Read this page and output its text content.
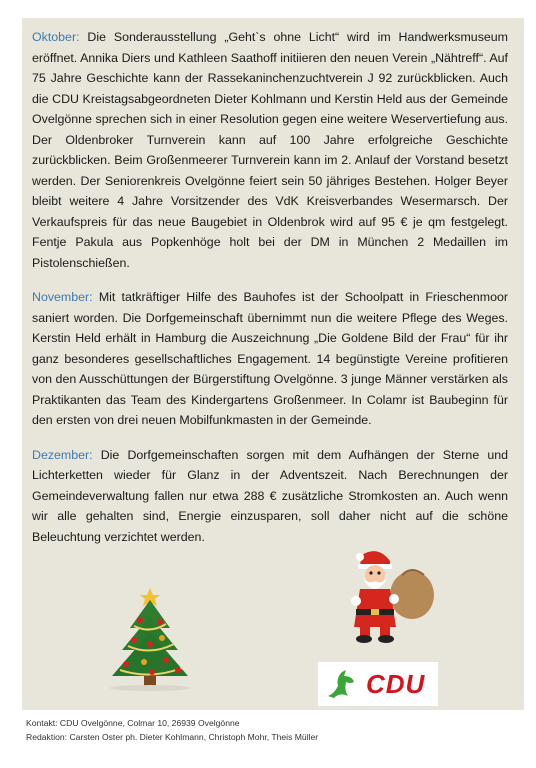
Oktober: Die Sonderausstellung „Geht`s ohne Licht“ wird im Handwerksmuseum eröffnet. Annika Diers und Kathleen Saathoff initiieren den neuen Verein „Nähtreff“. Auf 75 Jahre Geschichte kann der Rassekaninchenzuchtverein J 92 zurückblicken. Auch die CDU Kreistagsabgeordneten Dieter Kohlmann und Kerstin Held aus der Gemeinde Ovelgönne sprechen sich in einer Resolution gegen eine weitere Weservertiefung aus. Der Oldenbroker Turnverein kann auf 100 Jahre erfolgreiche Geschichte zurückblicken. Beim Großenmeerer Turnverein kann im 2. Anlauf der Vorstand besetzt werden. Der Seniorenkreis Ovelgönne feiert sein 50 jähriges Bestehen. Holger Beyer bleibt weitere 4 Jahre Vorsitzender des VdK Kreisverbandes Wesermarsch. Der Verkaufspreis für das neue Baugebiet in Oldenbrok wird auf 95 € je qm festgelegt. Fentje Pakula aus Popkenhöge holt bei der DM in München 2 Medaillen im Pistolenschießen.

November: Mit tatkräftiger Hilfe des Bauhofes ist der Schoolpatt in Frieschenmoor saniert worden. Die Dorfgemeinschaft übernimmt nun die weitere Pflege des Weges. Kerstin Held erhält in Hamburg die Auszeichnung „Die Goldene Bild der Frau“ für ihr ganz besonderes gesellschaftliches Engagement. 14 begünstigte Vereine profitieren von den Ausschüttungen der Bürgerstiftung Ovelgönne. 3 junge Männer verstärken als Praktikanten das Team des Kindergartens Großenmeer. In Colamr ist Baubeginn für den ersten von drei neuen Mobilfunkmasten in der Gemeinde.

Dezember: Die Dorfgemeinschaften sorgen mit dem Aufhängen der Sterne und Lichterketten wieder für Glanz in der Adventszeit. Nach Berechnungen der Gemeindeverwaltung fallen nur etwa 288 € zusätzliche Stromkosten an. Auch wenn wir alle gehalten sind, Energie einzusparen, soll daher nicht auf die schöne Beleuchtung verzichtet werden.

CDU
Kontakt: CDU Ovelgönne, Colmar 10, 26939 Ovelgönne
Redaktion: Carsten Oster ph. Dieter Kohlmann, Christoph Mohr, Theis Müller
